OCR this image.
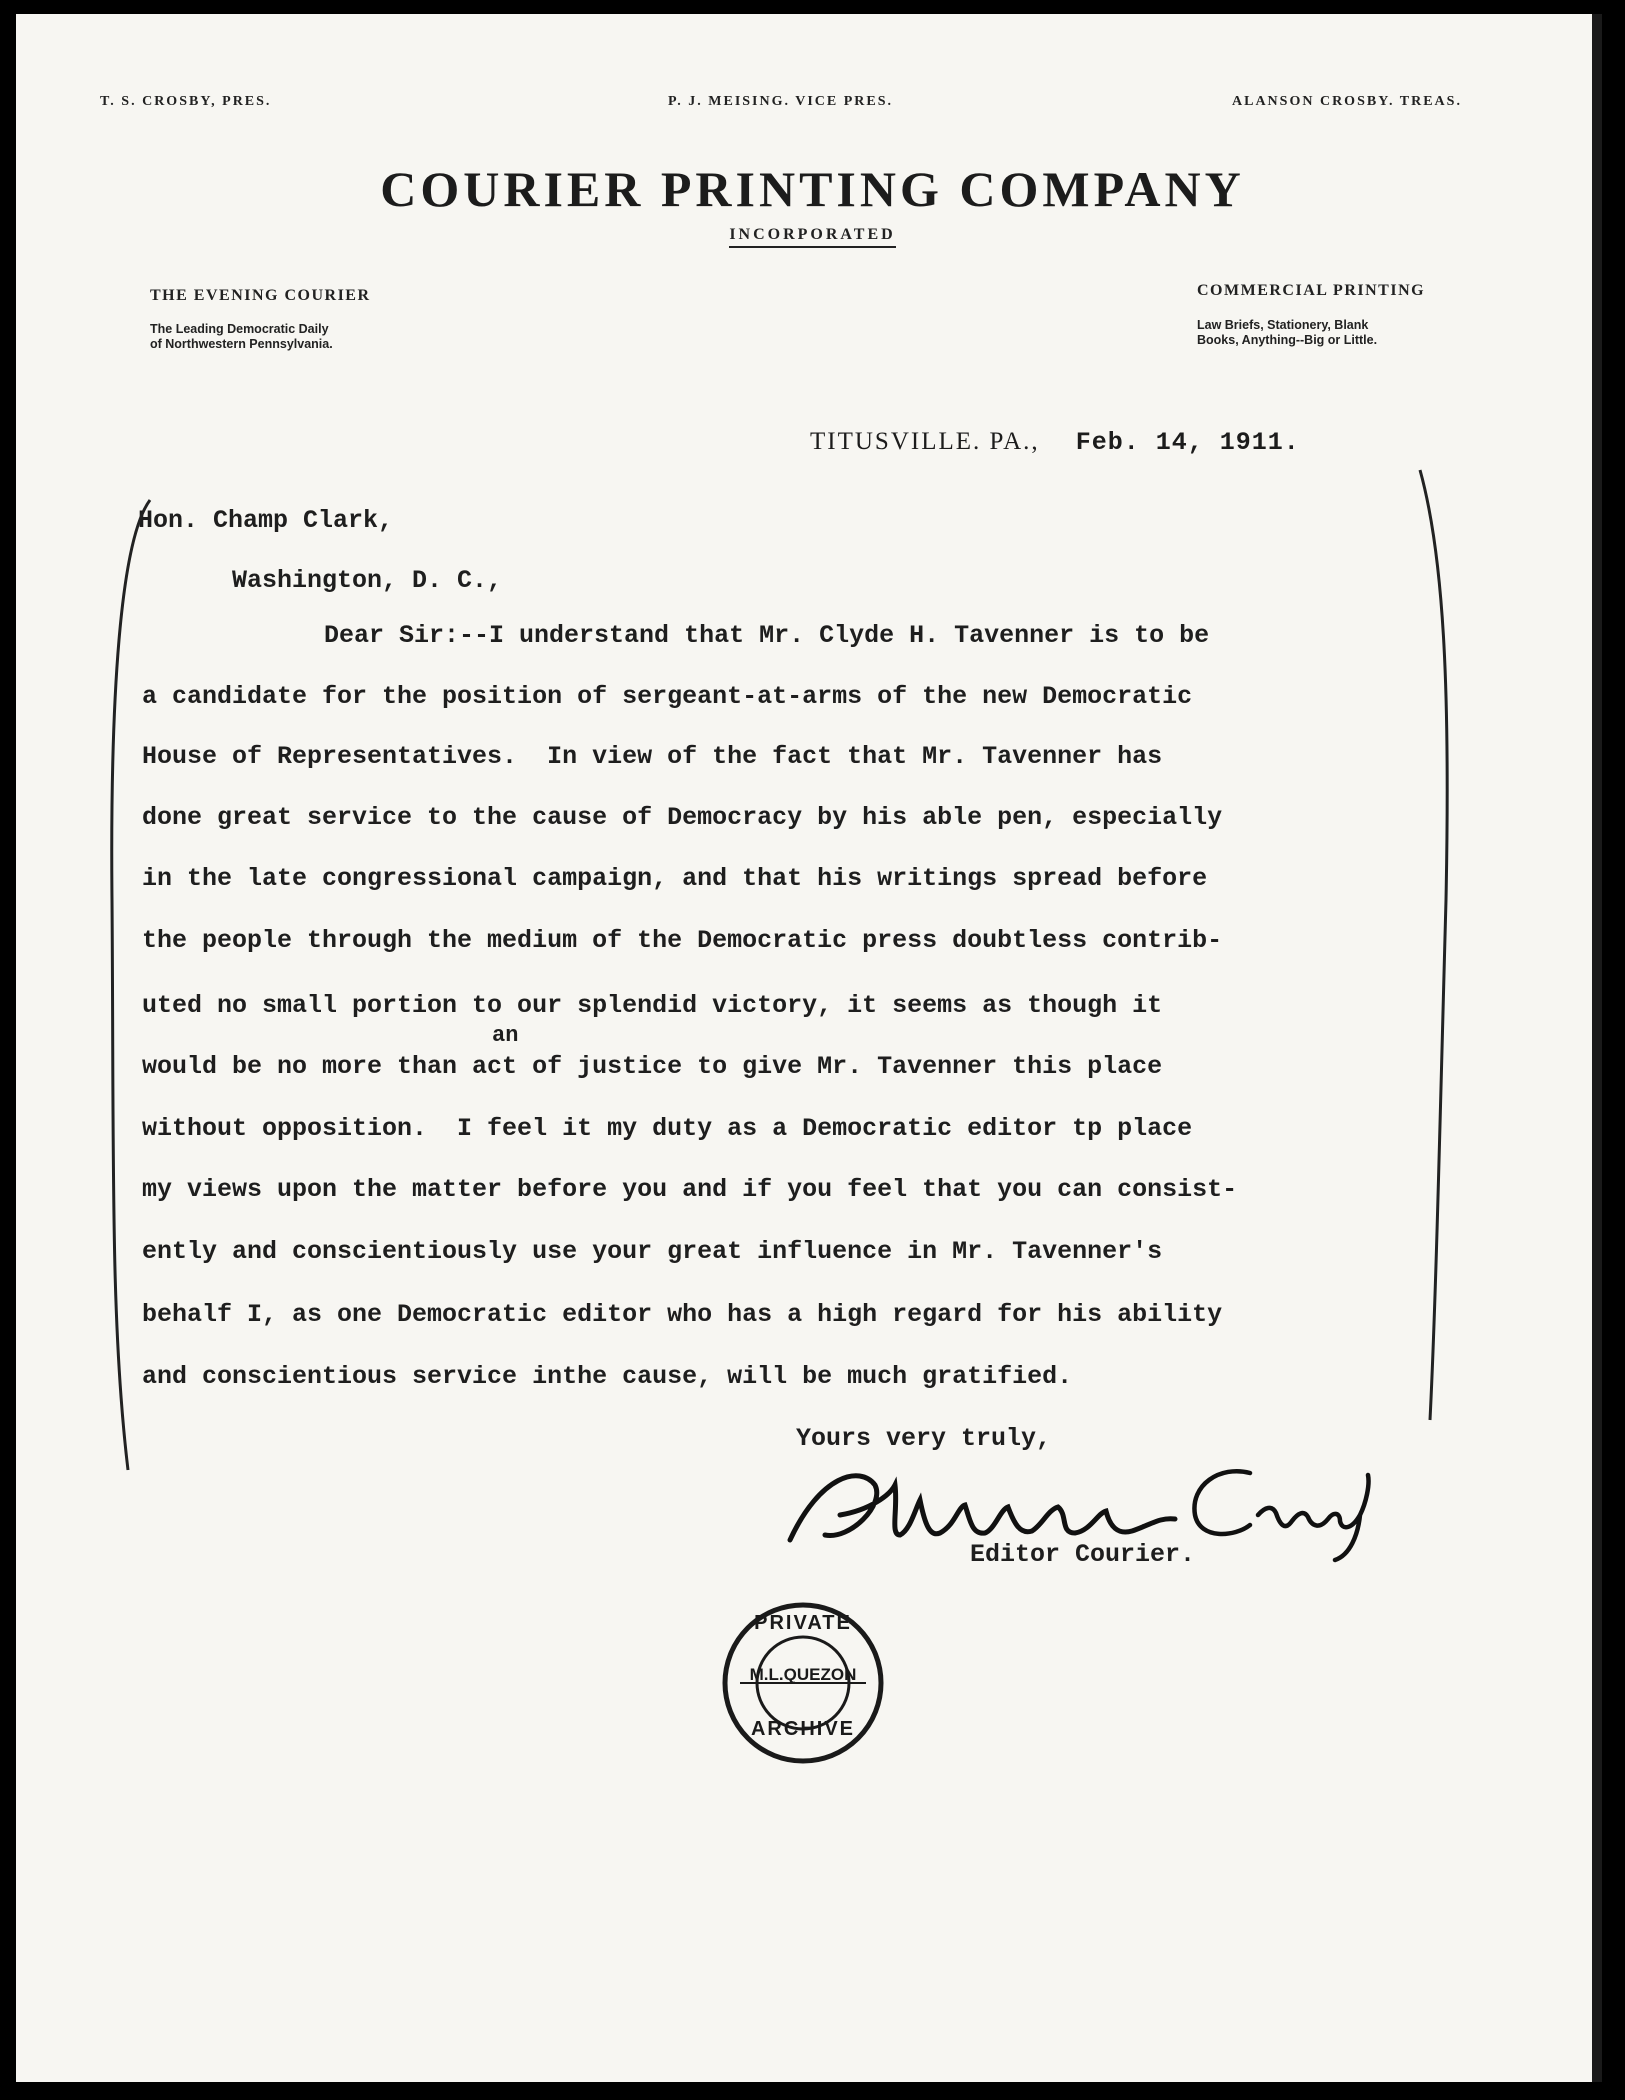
T. S. CROSBY, PRES.	P. J. MEISING. VICE PRES.	ALANSON CROSBY. TREAS.
COURIER PRINTING COMPANY
INCORPORATED
THE EVENING COURIER
The Leading Democratic Daily
of Northwestern Pennsylvania.
COMMERCIAL PRINTING
Law Briefs, Stationery, Blank
Books, Anything--Big or Little.
TITUSVILLE. PA., Feb. 14, 1911.
Hon. Champ Clark,
Washington, D. C.,
Dear Sir:--I understand that Mr. Clyde H. Tavenner is to be
a candidate for the position of sergeant-at-arms of the new Democratic
House of Representatives.  In view of the fact that Mr. Tavenner has
done great service to the cause of Democracy by his able pen, especially
in the late congressional campaign, and that his writings spread before
the people through the medium of the Democratic press doubtless contrib-
uted no small portion to our splendid victory, it seems as though it
an
would be no more than act of justice to give Mr. Tavenner this place
without opposition.  I feel it my duty as a Democratic editor tp place
my views upon the matter before you and if you feel that you can consist-
ently and conscientiously use your great influence in Mr. Tavenner's
behalf I, as one Democratic editor who has a high regard for his ability
and conscientious service inthe cause, will be much gratified.
Yours very truly,
Editor Courier.
PRIVATE
M.L.QUEZON
ARCHIVE
